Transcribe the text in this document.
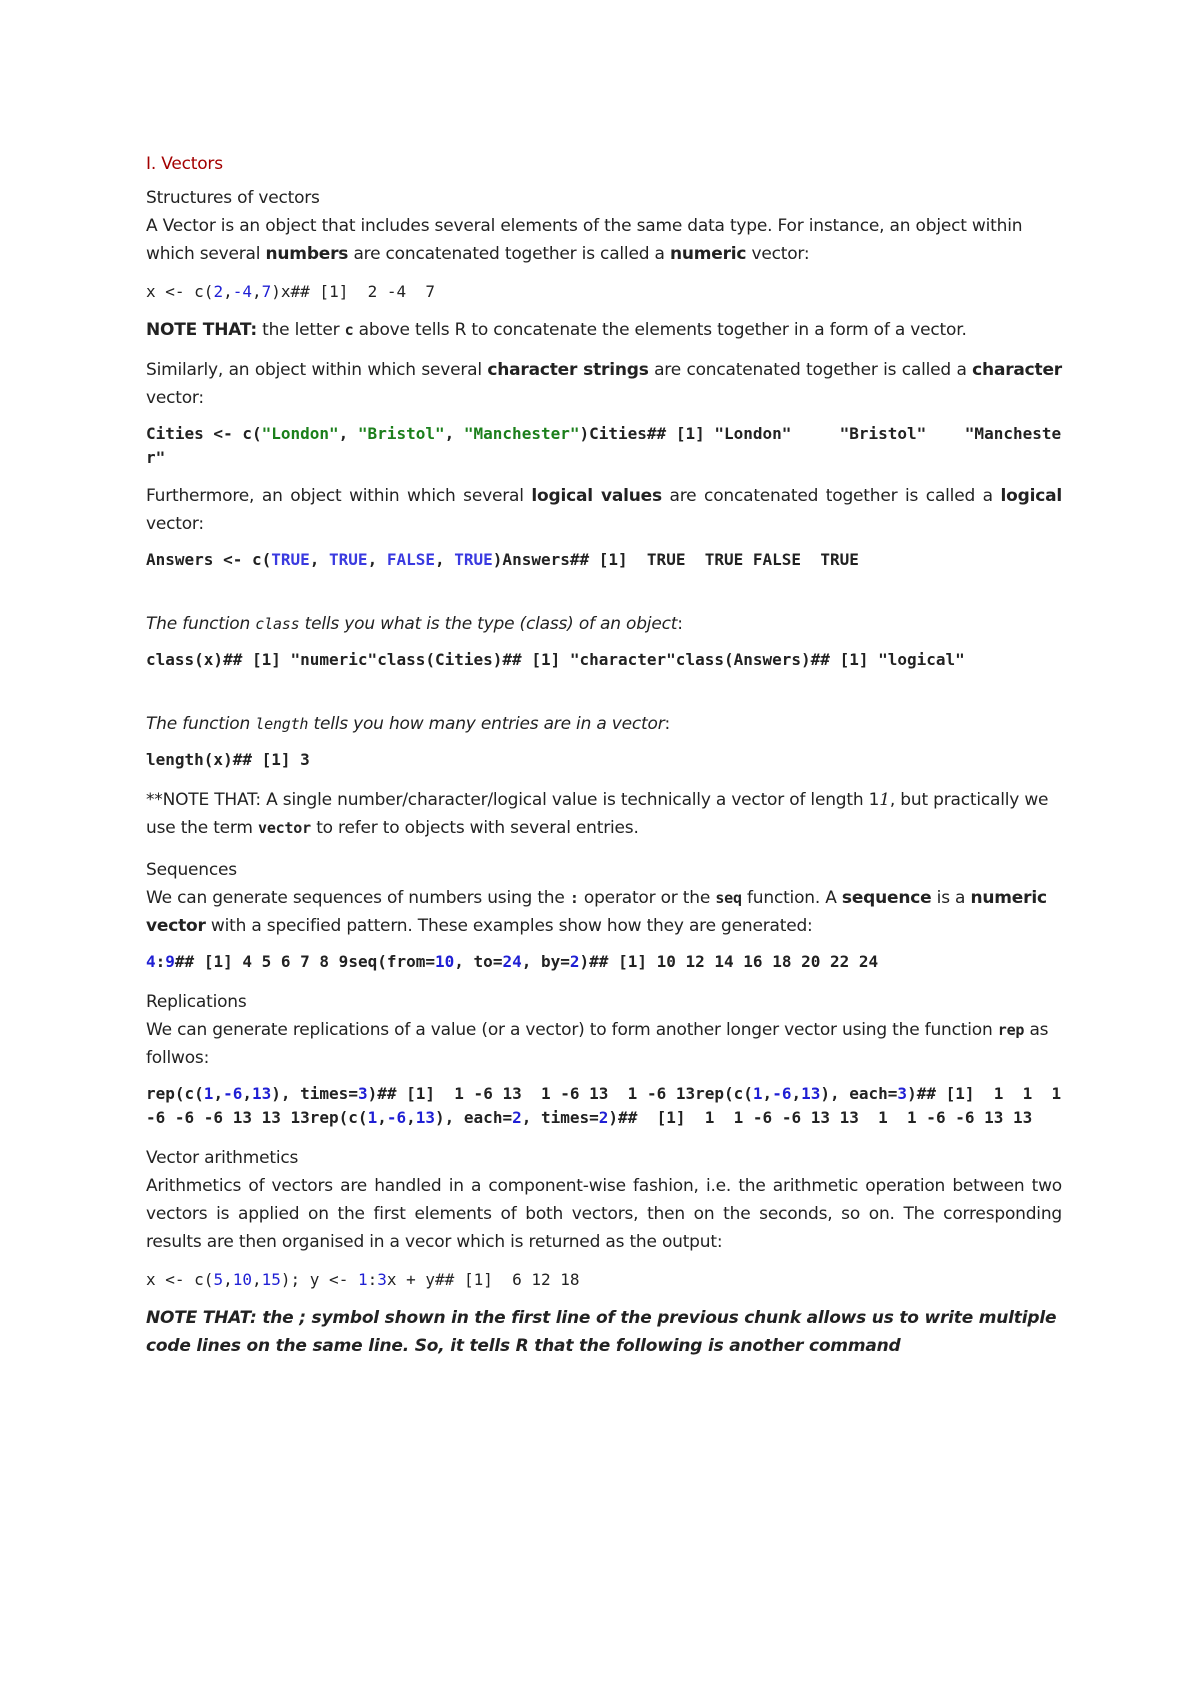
I. Vectors
Structures of vectors

A Vector is an object that includes several elements of the same data type. For instance, an object within which several numbers are concatenated together is called a numeric vector:

x <- c(2,-4,7)x## [1]  2 -4  7

NOTE THAT: the letter c above tells R to concatenate the elements together in a form of a vector.

Similarly, an object within which several character strings are concatenated together is called a character vector:

Cities <- c("London", "Bristol", "Manchester")Cities## [1] "London"     "Bristol"    "Manchester"

Furthermore, an object within which several logical values are concatenated together is called a logical vector:

Answers <- c(TRUE, TRUE, FALSE, TRUE)Answers## [1]  TRUE  TRUE FALSE  TRUE

The function class tells you what is the type (class) of an object:

class(x)## [1] "numeric"class(Cities)## [1] "character"class(Answers)## [1] "logical"

The function length tells you how many entries are in a vector:

length(x)## [1] 3

**NOTE THAT: A single number/character/logical value is technically a vector of length 11, but practically we use the term vector to refer to objects with several entries.

Sequences

We can generate sequences of numbers using the : operator or the seq function. A sequence is a numeric vector with a specified pattern. These examples show how they are generated:

4:9## [1] 4 5 6 7 8 9seq(from=10, to=24, by=2)## [1] 10 12 14 16 18 20 22 24
Replications

We can generate replications of a value (or a vector) to form another longer vector using the function rep as follwos:

rep(c(1,-6,13), times=3)## [1]  1 -6 13  1 -6 13  1 -6 13rep(c(1,-6,13), each=3)## [1]  1  1  1 -6 -6 -6 13 13 13rep(c(1,-6,13), each=2, times=2)##  [1]  1  1 -6 -6 13 13  1  1 -6 -6 13 13
Vector arithmetics

Arithmetics of vectors are handled in a component-wise fashion, i.e. the arithmetic operation between two vectors is applied on the first elements of both vectors, then on the seconds, so on. The corresponding results are then organised in a vecor which is returned as the output:

x <- c(5,10,15); y <- 1:3x + y## [1]  6 12 18

NOTE THAT: the ; symbol shown in the first line of the previous chunk allows us to write multiple code lines on the same line. So, it tells R that the following is another command
